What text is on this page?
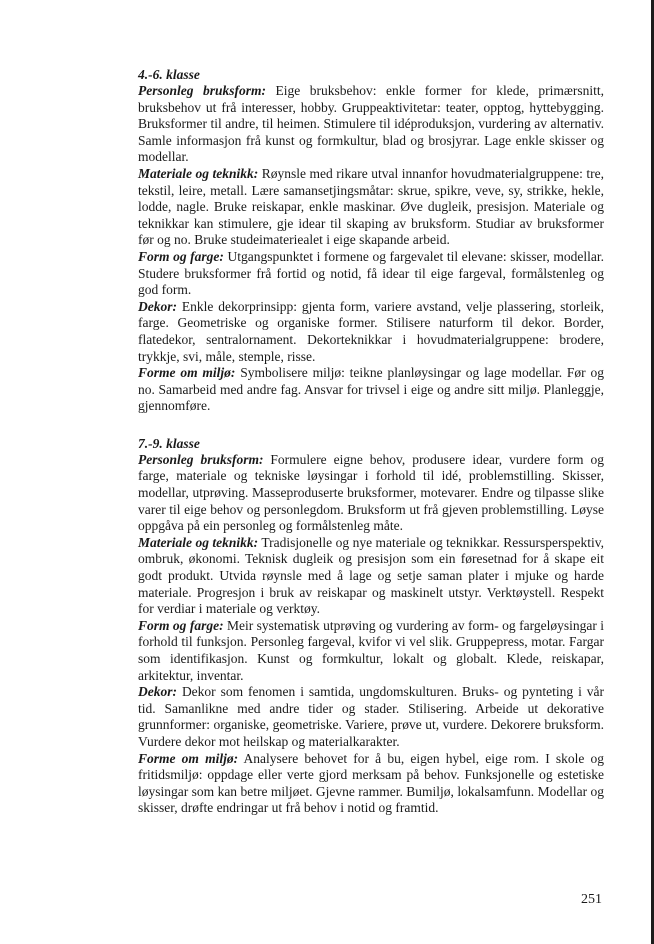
4.-6. klasse

Personleg bruksform: Eige bruksbehov: enkle former for klede, primærsnitt, bruksbehov ut frå interesser, hobby. Gruppeaktivitetar: teater, opptog, hyttebygging. Bruksformer til andre, til heimen. Stimulere til idéproduksjon, vurdering av alternativ. Samle informasjon frå kunst og formkultur, blad og brosjyrar. Lage enkle skisser og modellar.

Materiale og teknikk: Røynsle med rikare utval innanfor hovudmaterialgruppene: tre, tekstil, leire, metall. Lære samansetjingsmåtar: skrue, spikre, veve, sy, strikke, hekle, lodde, nagle. Bruke reiskapar, enkle maskinar. Øve dugleik, presisjon. Materiale og teknikkar kan stimulere, gje idear til skaping av bruksform. Studiar av bruksformer før og no. Bruke studeimateriealet i eige skapande arbeid.

Form og farge: Utgangspunktet i formene og fargevalet til elevane: skisser, modellar. Studere bruksformer frå fortid og notid, få idear til eige fargeval, formålstenleg og god form.

Dekor: Enkle dekorprinsipp: gjenta form, variere avstand, velje plassering, storleik, farge. Geometriske og organiske former. Stilisere naturform til dekor. Border, flatedekor, sentralornament. Dekorteknikkar i hovudmaterialgruppene: brodere, trykkje, svi, måle, stemple, risse.

Forme om miljø: Symbolisere miljø: teikne planløysingar og lage modellar. Før og no. Samarbeid med andre fag. Ansvar for trivsel i eige og andre sitt miljø. Planleggje, gjennomføre.

7.-9. klasse

Personleg bruksform: Formulere eigne behov, produsere idear, vurdere form og farge, materiale og tekniske løysingar i forhold til idé, problemstilling. Skisser, modellar, utprøving. Masseproduserte bruksformer, motevarer. Endre og tilpasse slike varer til eige behov og personlegdom. Bruksform ut frå gjeven problemstilling. Løyse oppgåva på ein personleg og formålstenleg måte.

Materiale og teknikk: Tradisjonelle og nye materiale og teknikkar. Ressursperspektiv, ombruk, økonomi. Teknisk dugleik og presisjon som ein føresetnad for å skape eit godt produkt. Utvida røynsle med å lage og setje saman plater i mjuke og harde materiale. Progresjon i bruk av reiskapar og maskinelt utstyr. Verktøystell. Respekt for verdiar i materiale og verktøy.

Form og farge: Meir systematisk utprøving og vurdering av form- og fargeløysingar i forhold til funksjon. Personleg fargeval, kvifor vi vel slik. Gruppepress, motar. Fargar som identifikasjon. Kunst og formkultur, lokalt og globalt. Klede, reiskapar, arkitektur, inventar.

Dekor: Dekor som fenomen i samtida, ungdomskulturen. Bruks- og pynteting i vår tid. Samanlikne med andre tider og stader. Stilisering. Arbeide ut dekorative grunnformer: organiske, geometriske. Variere, prøve ut, vurdere. Dekorere bruksform. Vurdere dekor mot heilskap og materialkarakter.

Forme om miljø: Analysere behovet for å bu, eigen hybel, eige rom. I skole og fritidsmiljø: oppdage eller verte gjord merksam på behov. Funksjonelle og estetiske løysingar som kan betre miljøet. Gjevne rammer. Bumiljø, lokalsamfunn. Modellar og skisser, drøfte endringar ut frå behov i notid og framtid.

251
